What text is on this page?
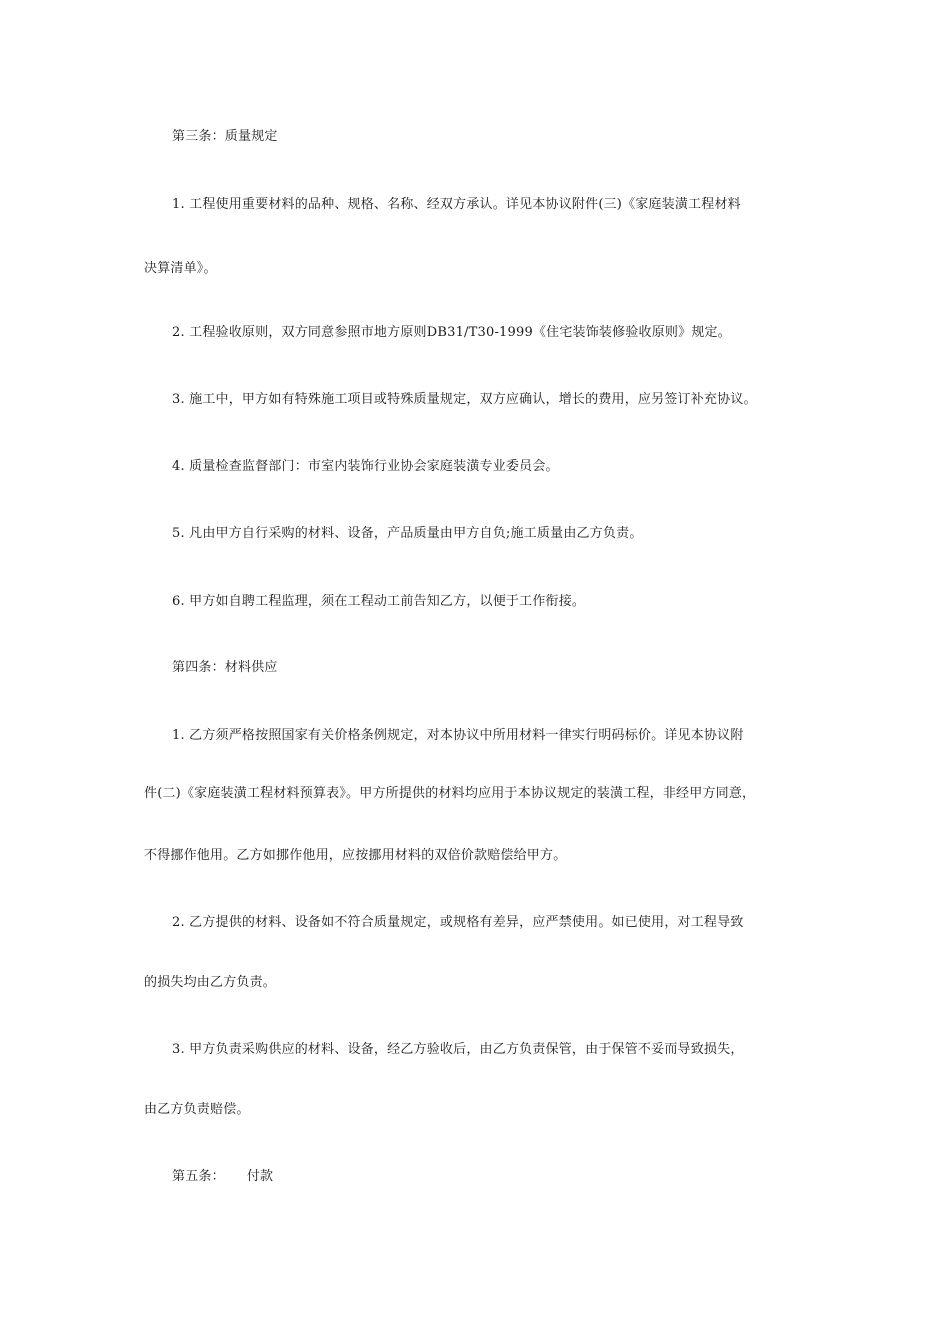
第三条：质量规定
1. 工程使用重要材料的品种、规格、名称、经双方承认。详见本协议附件(三)《家庭装潢工程材料
决算清单》。
2. 工程验收原则，双方同意参照市地方原则DB31/T30-1999《住宅装饰装修验收原则》规定。
3. 施工中，甲方如有特殊施工项目或特殊质量规定，双方应确认，增长的费用，应另签订补充协议。
4. 质量检查监督部门：市室内装饰行业协会家庭装潢专业委员会。
5. 凡由甲方自行采购的材料、设备，产品质量由甲方自负;施工质量由乙方负责。
6. 甲方如自聘工程监理，须在工程动工前告知乙方，以便于工作衔接。
第四条：材料供应
1. 乙方须严格按照国家有关价格条例规定，对本协议中所用材料一律实行明码标价。详见本协议附
件(二)《家庭装潢工程材料预算表》。甲方所提供的材料均应用于本协议规定的装潢工程，非经甲方同意，
不得挪作他用。乙方如挪作他用，应按挪用材料的双倍价款赔偿给甲方。
2. 乙方提供的材料、设备如不符合质量规定，或规格有差异，应严禁使用。如已使用，对工程导致
的损失均由乙方负责。
3. 甲方负责采购供应的材料、设备，经乙方验收后，由乙方负责保管，由于保管不妥而导致损失，
由乙方负责赔偿。
第五条： 付款
